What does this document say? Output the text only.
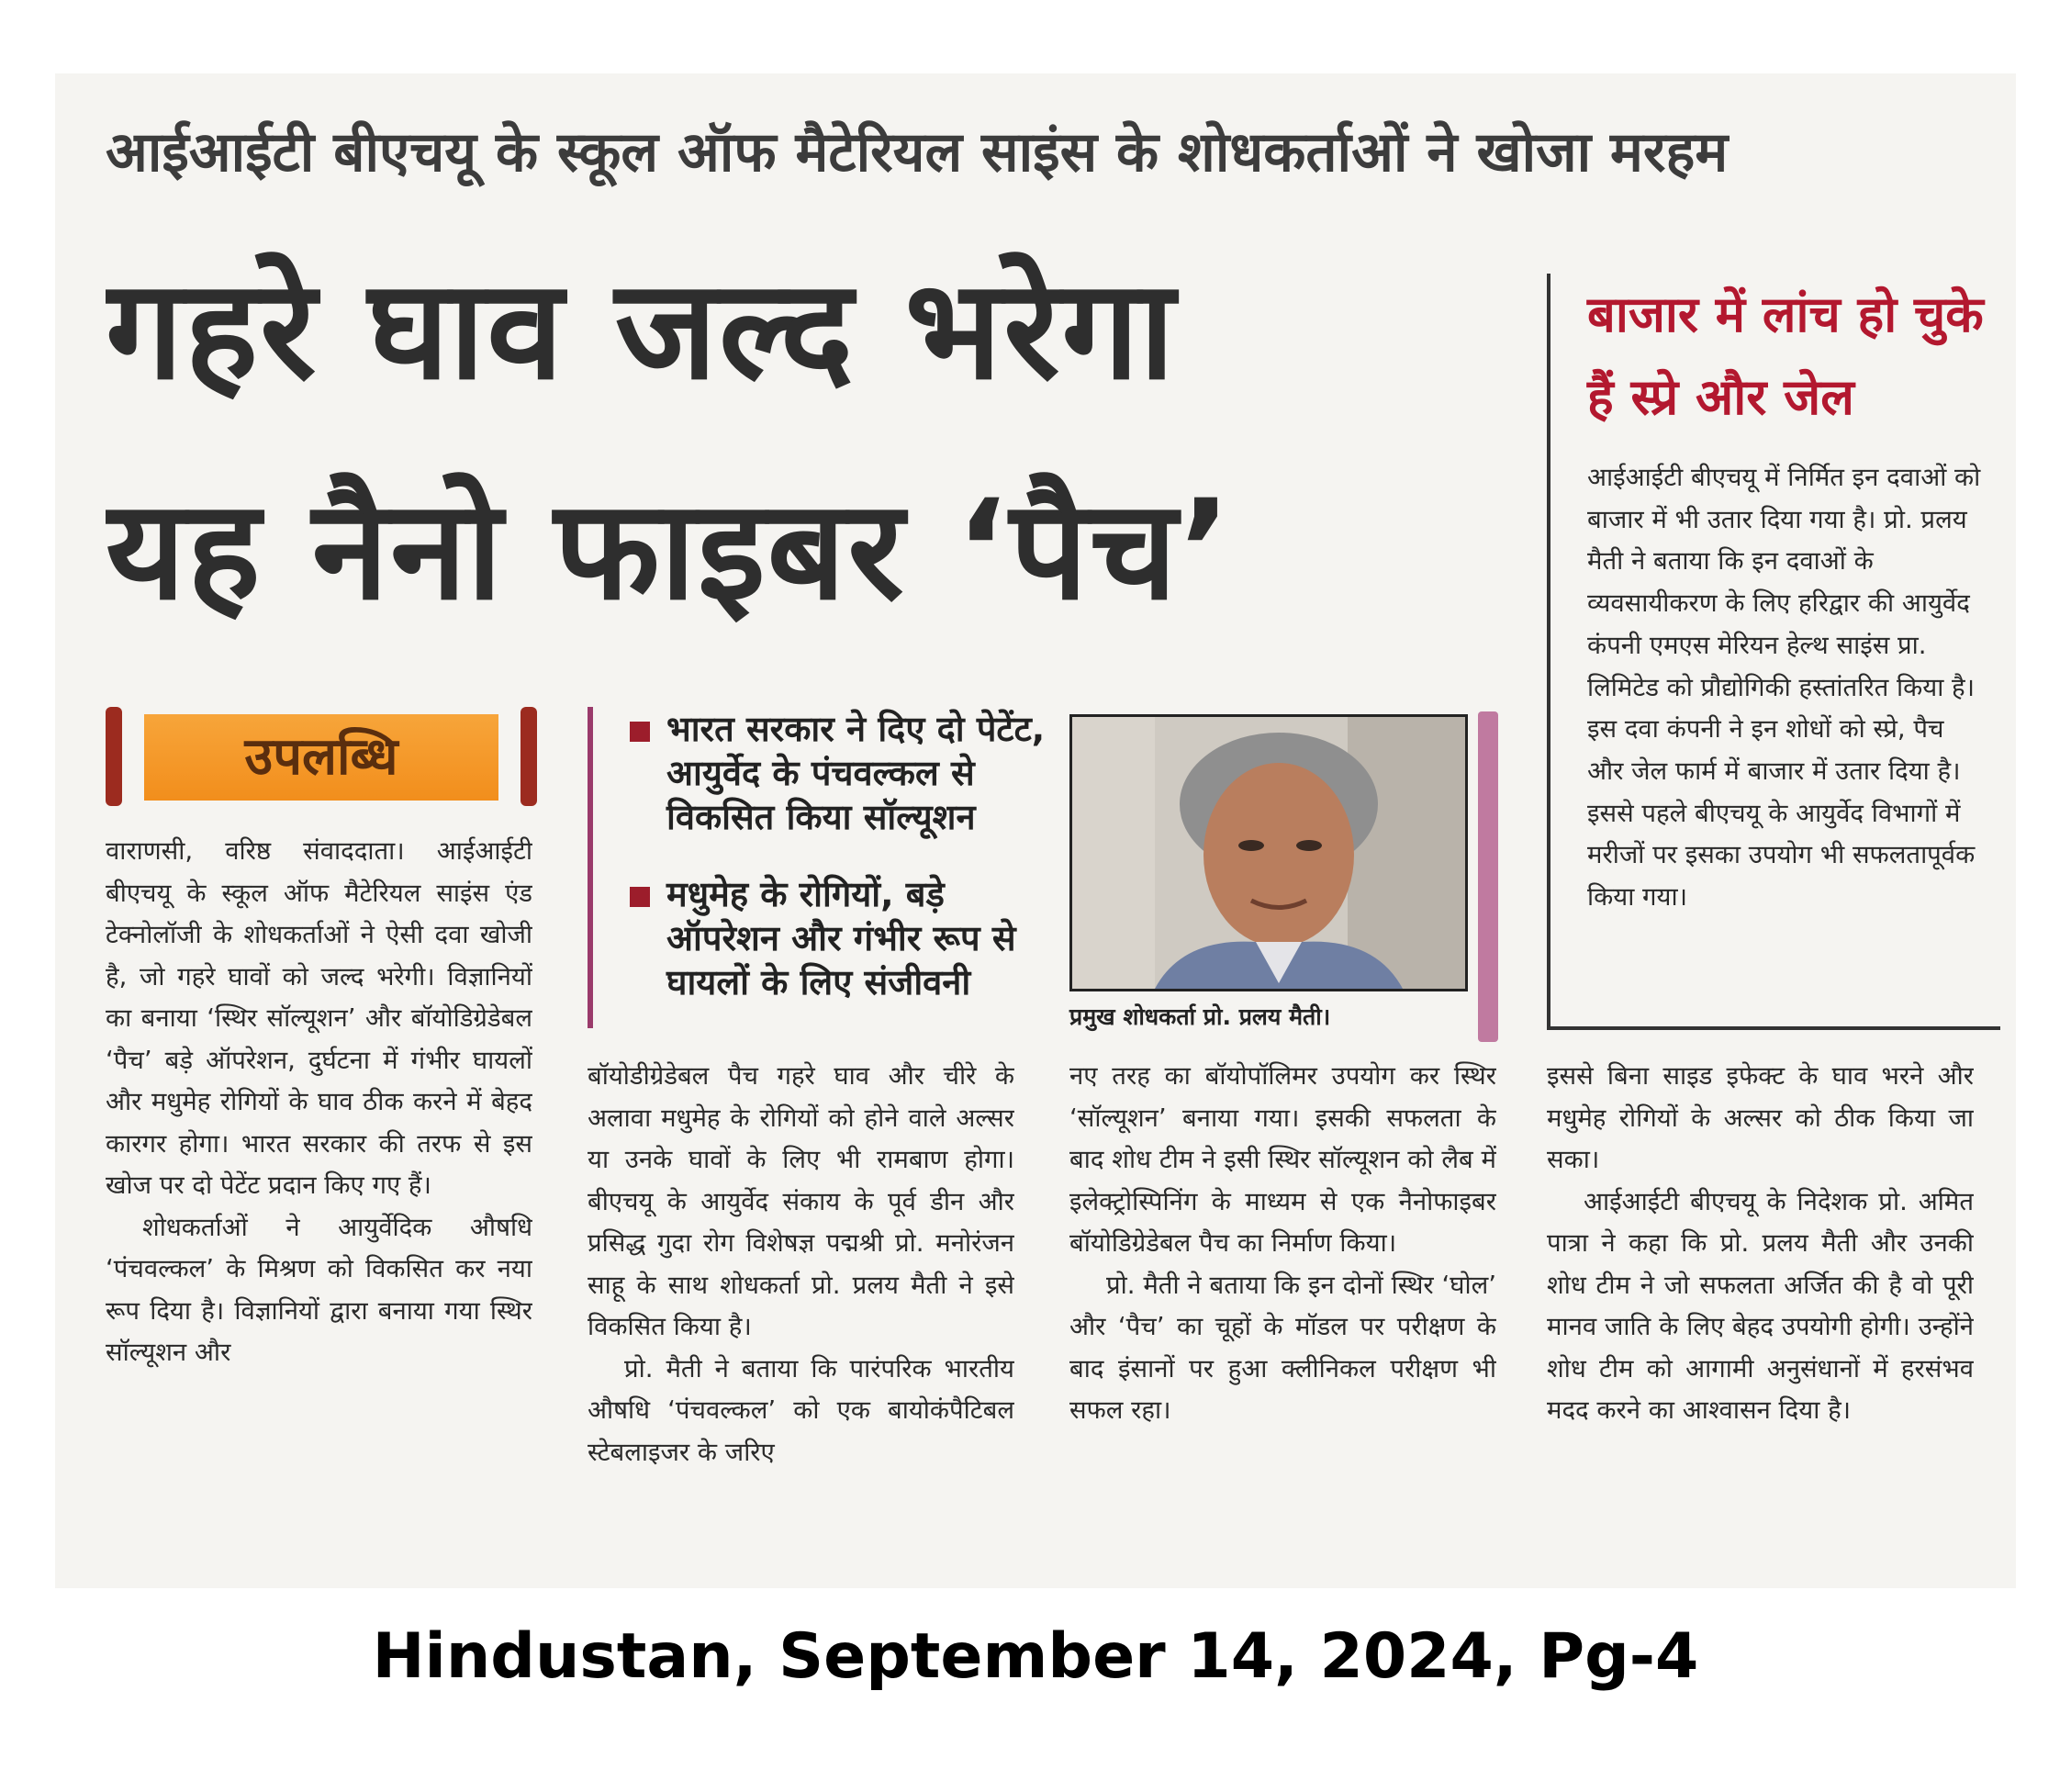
आईआईटी बीएचयू के स्कूल ऑफ मैटेरियल साइंस के शोधकर्ताओं ने खोजा मरहम
गहरे घाव जल्द भरेगा
यह नैनो फाइबर ‘पैच’
बाजार में लांच हो चुके हैं स्प्रे और जेल
आईआईटी बीएचयू में निर्मित इन दवाओं को बाजार में भी उतार दिया गया है। प्रो. प्रलय मैती ने बताया कि इन दवाओं के व्यवसायीकरण के लिए हरिद्वार की आयुर्वेद कंपनी एमएस मेरियन हेल्थ साइंस प्रा. लिमिटेड को प्रौद्योगिकी हस्तांतरित किया है। इस दवा कंपनी ने इन शोधों को स्प्रे, पैच और जेल फार्म में बाजार में उतार दिया है। इससे पहले बीएचयू के आयुर्वेद विभागों में मरीजों पर इसका उपयोग भी सफलतापूर्वक किया गया।
उपलब्धि	भारत सरकार ने दिए दो पेटेंट, आयुर्वेद के पंचवल्कल से विकसित किया सॉल्यूशन
मधुमेह के रोगियों, बड़े ऑपरेशन और गंभीर रूप से घायलों के लिए संजीवनी
प्रमुख शोधकर्ता प्रो. प्रलय मैती।

वाराणसी, वरिष्ठ संवाददाता। आईआईटी बीएचयू के स्कूल ऑफ मैटेरियल साइंस एंड टेक्नोलॉजी के शोधकर्ताओं ने ऐसी दवा खोजी है, जो गहरे घावों को जल्द भरेगी। विज्ञानियों का बनाया ‘स्थिर सॉल्यूशन’ और बॉयोडिग्रेडेबल ‘पैच’ बड़े ऑपरेशन, दुर्घटना में गंभीर घायलों और मधुमेह रोगियों के घाव ठीक करने में बेहद कारगर होगा। भारत सरकार की तरफ से इस खोज पर दो पेटेंट प्रदान किए गए हैं।

शोधकर्ताओं ने आयुर्वेदिक औषधि ‘पंचवल्कल’ के मिश्रण को विकसित कर नया रूप दिया है। विज्ञानियों द्वारा बनाया गया स्थिर सॉल्यूशन और

बॉयोडीग्रेडेबल पैच गहरे घाव और चीरे के अलावा मधुमेह के रोगियों को होने वाले अल्सर या उनके घावों के लिए भी रामबाण होगा। बीएचयू के आयुर्वेद संकाय के पूर्व डीन और प्रसिद्ध गुदा रोग विशेषज्ञ पद्मश्री प्रो. मनोरंजन साहू के साथ शोधकर्ता प्रो. प्रलय मैती ने इसे विकसित किया है।

प्रो. मैती ने बताया कि पारंपरिक भारतीय औषधि ‘पंचवल्कल’ को एक बायोकंपैटिबल स्टेबलाइजर के जरिए

नए तरह का बॉयोपॉलिमर उपयोग कर स्थिर ‘सॉल्यूशन’ बनाया गया। इसकी सफलता के बाद शोध टीम ने इसी स्थिर सॉल्यूशन को लैब में इलेक्ट्रोस्पिनिंग के माध्यम से एक नैनोफाइबर बॉयोडिग्रेडेबल पैच का निर्माण किया।

प्रो. मैती ने बताया कि इन दोनों स्थिर ‘घोल’ और ‘पैच’ का चूहों के मॉडल पर परीक्षण के बाद इंसानों पर हुआ क्लीनिकल परीक्षण भी सफल रहा।

इससे बिना साइड इफेक्ट के घाव भरने और मधुमेह रोगियों के अल्सर को ठीक किया जा सका।

आईआईटी बीएचयू के निदेशक प्रो. अमित पात्रा ने कहा कि प्रो. प्रलय मैती और उनकी शोध टीम ने जो सफलता अर्जित की है वो पूरी मानव जाति के लिए बेहद उपयोगी होगी। उन्होंने शोध टीम को आगामी अनुसंधानों में हरसंभव मदद करने का आश्वासन दिया है।

Hindustan, September 14, 2024, Pg-4
